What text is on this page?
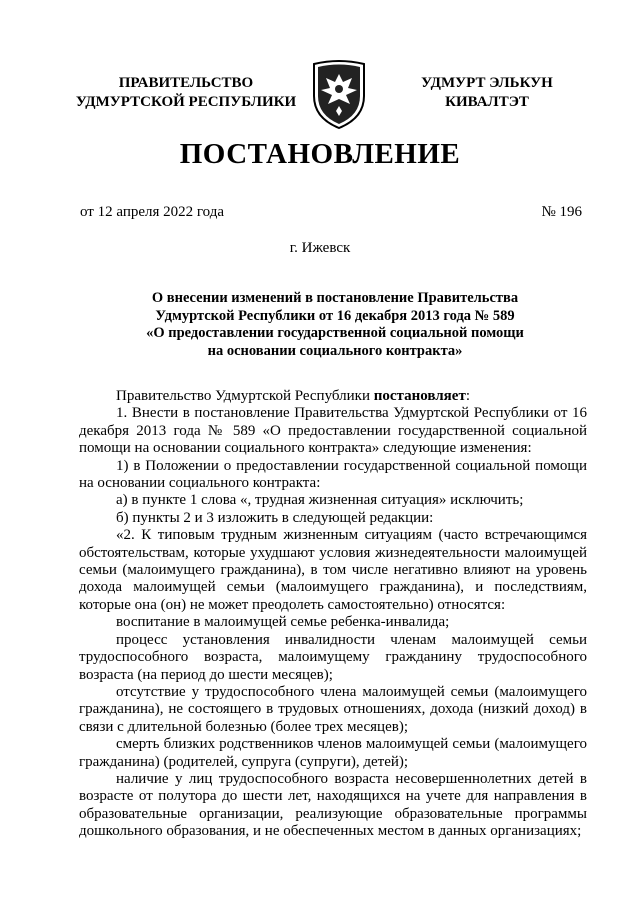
ПРАВИТЕЛЬСТВО
УДМУРТСКОЙ РЕСПУБЛИКИ
УДМУРТ ЭЛЬКУН
КИВАЛТЭТ
ПОСТАНОВЛЕНИЕ
от 12 апреля 2022 года	№ 196
г. Ижевск
О внесении изменений в постановление Правительства
Удмуртской Республики от 16 декабря 2013 года № 589
«О предоставлении государственной социальной помощи
на основании социального контракта»

Правительство Удмуртской Республики постановляет:

1. Внести в постановление Правительства Удмуртской Республики от 16 декабря 2013 года № 589 «О предоставлении государственной социальной помощи на основании социального контракта» следующие изменения:

1) в Положении о предоставлении государственной социальной помощи на основании социального контракта:

а) в пункте 1 слова «, трудная жизненная ситуация» исключить;

б) пункты 2 и 3 изложить в следующей редакции:

«2. К типовым трудным жизненным ситуациям (часто встречающимся обстоятельствам, которые ухудшают условия жизнедеятельности малоимущей семьи (малоимущего гражданина), в том числе негативно влияют на уровень дохода малоимущей семьи (малоимущего гражданина), и последствиям, которые она (он) не может преодолеть самостоятельно) относятся:

воспитание в малоимущей семье ребенка-инвалида;

процесс установления инвалидности членам малоимущей семьи трудоспособного возраста, малоимущему гражданину трудоспособного возраста (на период до шести месяцев);

отсутствие у трудоспособного члена малоимущей семьи (малоимущего гражданина), не состоящего в трудовых отношениях, дохода (низкий доход) в связи с длительной болезнью (более трех месяцев);

смерть близких родственников членов малоимущей семьи (малоимущего гражданина) (родителей, супруга (супруги), детей);

наличие у лиц трудоспособного возраста несовершеннолетних детей в возрасте от полутора до шести лет, находящихся на учете для направления в образовательные организации, реализующие образовательные программы дошкольного образования, и не обеспеченных местом в данных организациях;
